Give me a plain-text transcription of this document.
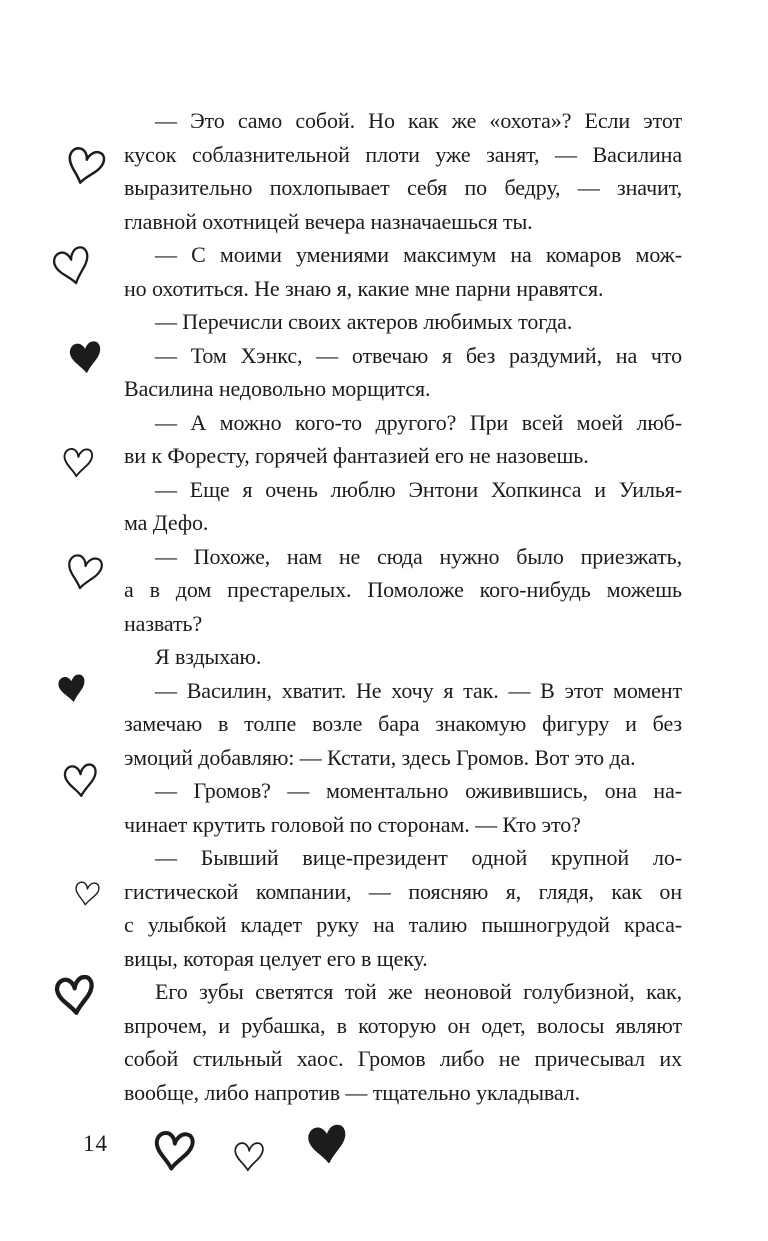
— Это само собой. Но как же «охота»? Если этот
кусок соблазнительной плоти уже занят, — Василина
выразительно похлопывает себя по бедру, — значит,
главной охотницей вечера назначаешься ты.
— С моими умениями максимум на комаров мож-
но охотиться. Не знаю я, какие мне парни нравятся.
— Перечисли своих актеров любимых тогда.
— Том Хэнкс, — отвечаю я без раздумий, на что
Василина недовольно морщится.
— А можно кого-то другого? При всей моей люб-
ви к Форесту, горячей фантазией его не назовешь.
— Еще я очень люблю Энтони Хопкинса и Уилья-
ма Дефо.
— Похоже, нам не сюда нужно было приезжать,
а в дом престарелых. Помоложе кого-нибудь можешь
назвать?
Я вздыхаю.
— Василин, хватит. Не хочу я так. — В этот момент
замечаю в толпе возле бара знакомую фигуру и без
эмоций добавляю: — Кстати, здесь Громов. Вот это да.
— Громов? — моментально оживившись, она на-
чинает крутить головой по сторонам. — Кто это?
— Бывший вице-президент одной крупной ло-
гистической компании, — поясняю я, глядя, как он
с улыбкой кладет руку на талию пышногрудой краса-
вицы, которая целует его в щеку.
Его зубы светятся той же неоновой голубизной, как,
впрочем, и рубашка, в которую он одет, волосы являют
собой стильный хаос. Громов либо не причесывал их
вообще, либо напротив — тщательно укладывал.
14
